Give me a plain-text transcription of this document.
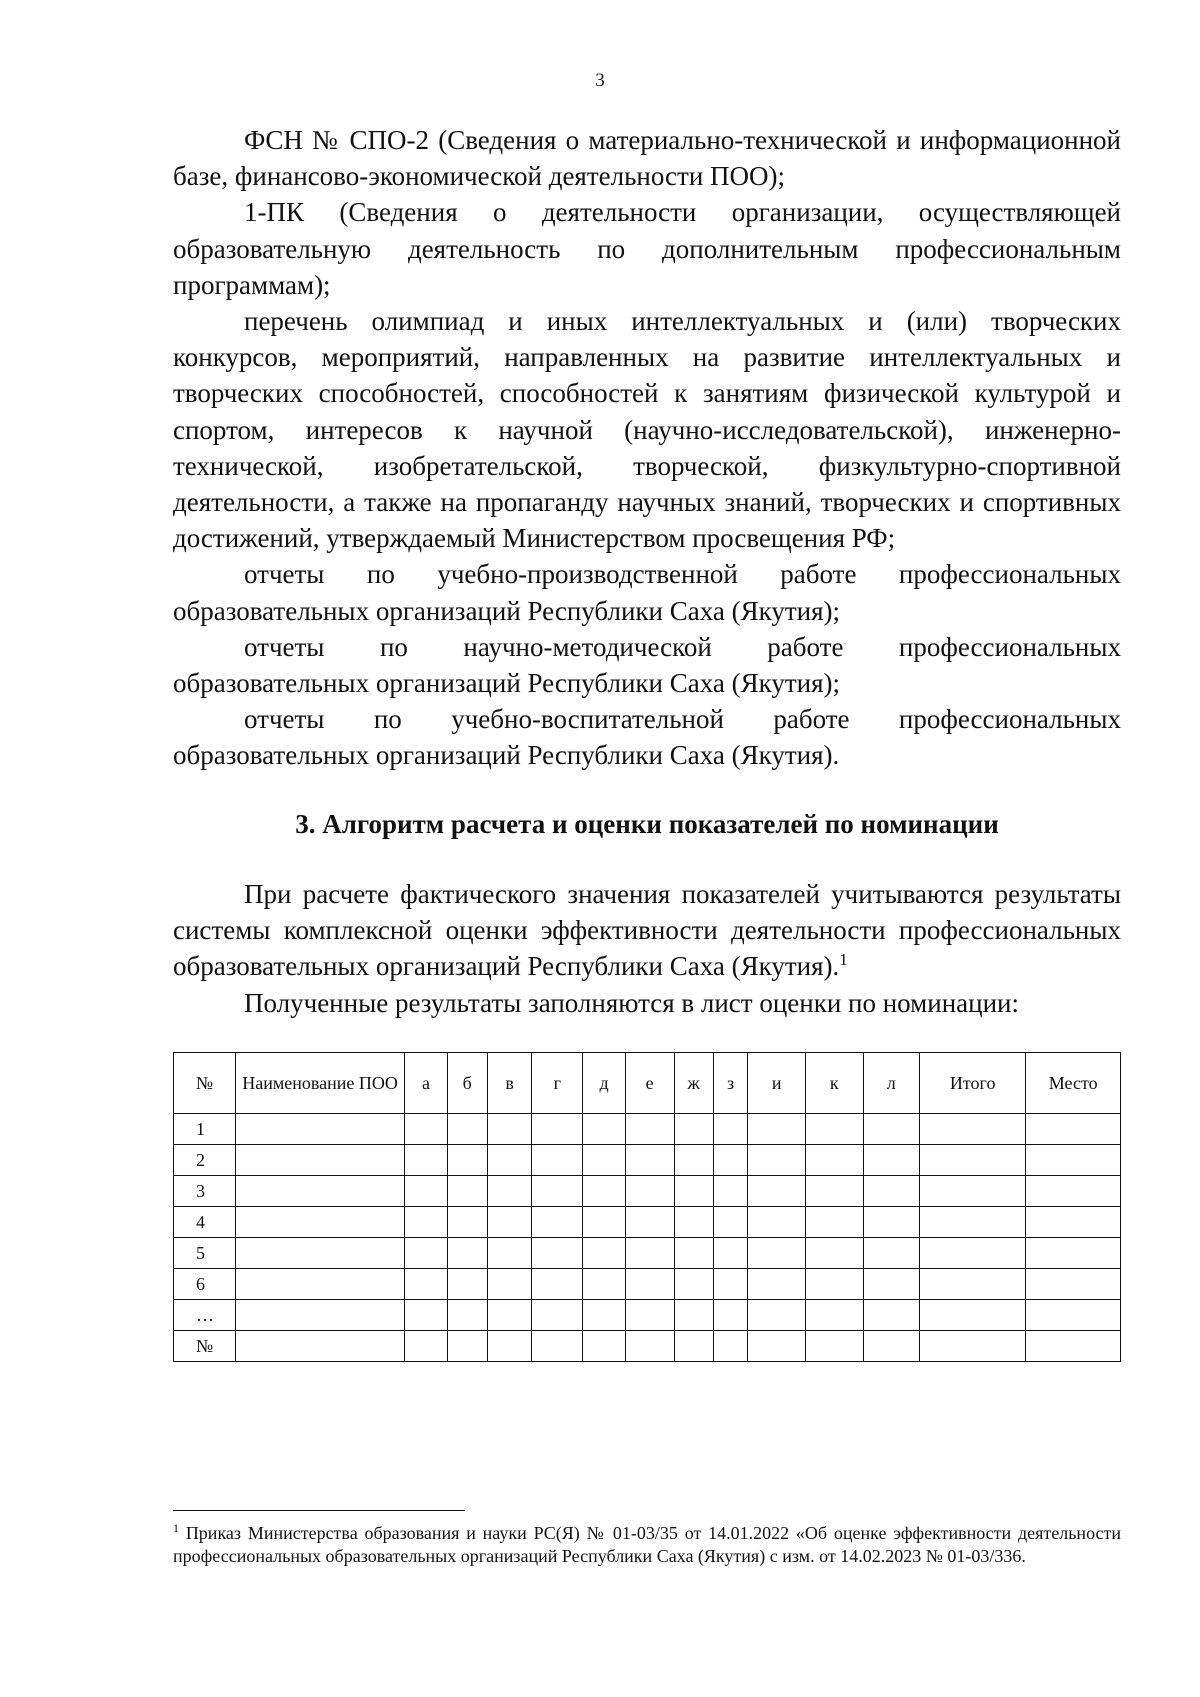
3

ФСН № СПО-2 (Сведения о материально-технической и информационной базе, финансово-экономической деятельности ПОО);

1-ПК (Сведения о деятельности организации, осуществляющей образовательную деятельность по дополнительным профессиональным программам);

перечень олимпиад и иных интеллектуальных и (или) творческих конкурсов, мероприятий, направленных на развитие интеллектуальных и творческих способностей, способностей к занятиям физической культурой и спортом, интересов к научной (научно-исследовательской), инженерно-технической, изобретательской, творческой, физкультурно-спортивной деятельности, а также на пропаганду научных знаний, творческих и спортивных достижений, утверждаемый Министерством просвещения РФ;

отчеты по учебно-производственной работе профессиональных образовательных организаций Республики Саха (Якутия);

отчеты по научно-методической работе профессиональных образовательных организаций Республики Саха (Якутия);

отчеты по учебно-воспитательной работе профессиональных образовательных организаций Республики Саха (Якутия).

3. Алгоритм расчета и оценки показателей по номинации

При расчете фактического значения показателей учитываются результаты системы комплексной оценки эффективности деятельности профессиональных образовательных организаций Республики Саха (Якутия).$^1$

Полученные результаты заполняются в лист оценки по номинации:

№	Наименование ПОО	а	б	в	г	д	е	ж	з	и	к	л	Итого	Место
1														
2														
3														
4														
5														
6														
…														
№														
$^1$ Приказ Министерства образования и науки РС(Я) № 01-03/35 от 14.01.2022 «Об оценке эффективности деятельности профессиональных образовательных организаций Республики Саха (Якутия) с изм. от 14.02.2023 № 01-03/336.
